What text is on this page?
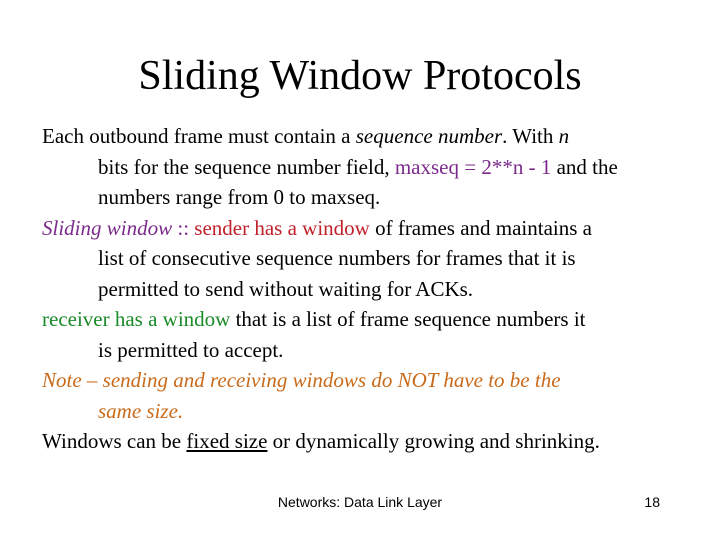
Sliding Window Protocols

Each outbound frame must contain a sequence number. With n
bits for the sequence number field, maxseq = 2**n - 1 and the
numbers range from 0 to maxseq.

Sliding window :: sender has a window of frames and maintains a
list of consecutive sequence numbers for frames that it is
permitted to send without waiting for ACKs.

receiver has a window that is a list of frame sequence numbers it
is permitted to accept.

Note – sending and receiving windows do NOT have to be the
same size.

Windows can be fixed size or dynamically growing and shrinking.

Networks: Data Link Layer	18
